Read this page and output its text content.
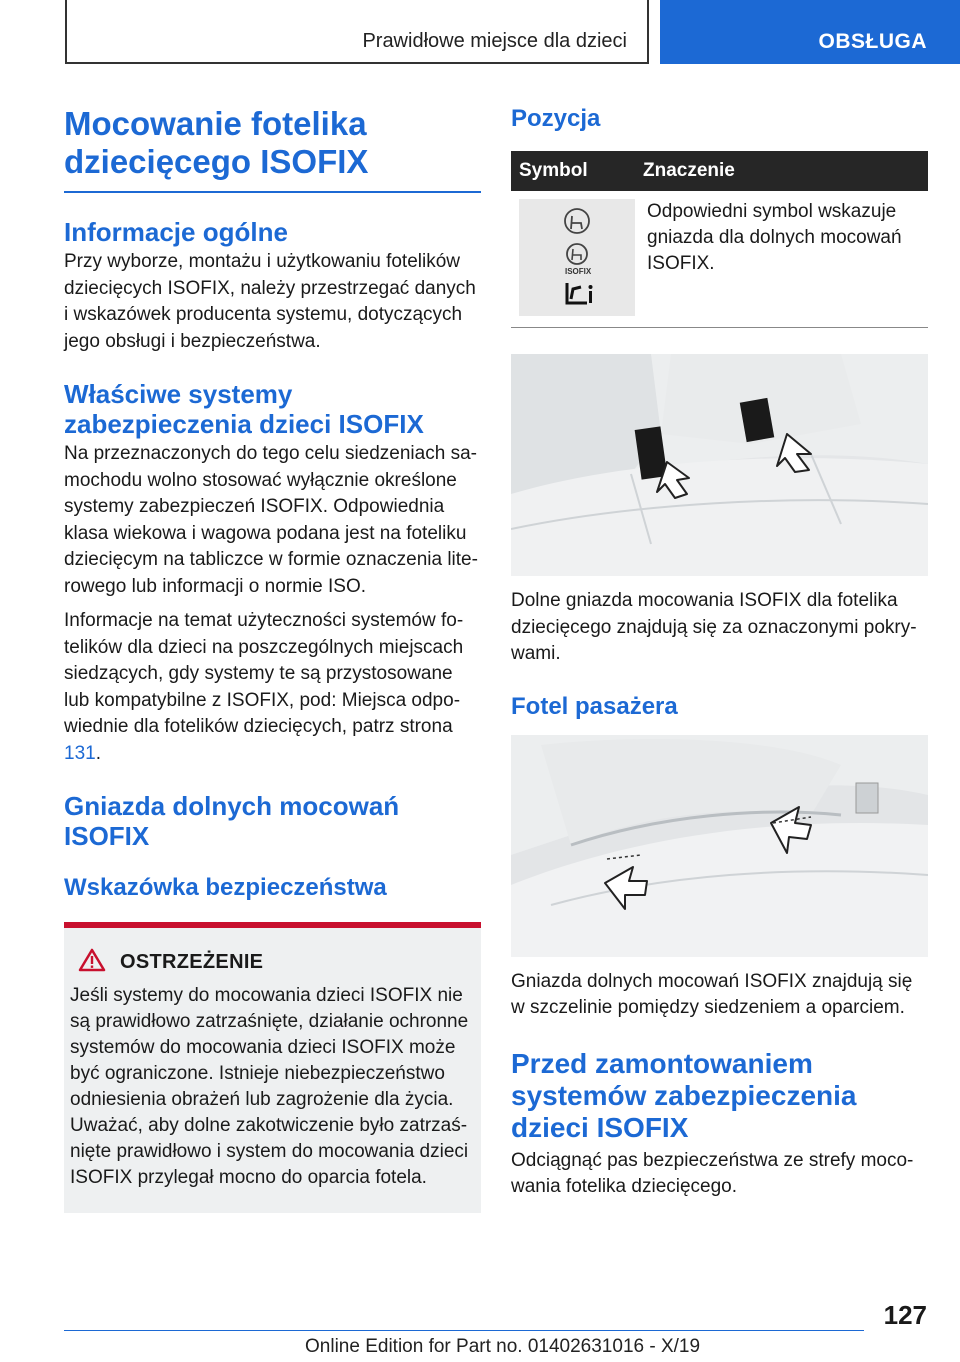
Prawidłowe miejsce dla dzieci	OBSŁUGA
Mocowanie fotelika dziecięcego ISOFIX
Informacje ogólne

Przy wyborze, montażu i użytkowaniu fotelików dziecięcych ISOFIX, należy przestrzegać danych i wskazówek producenta systemu, dotyczących jego obsługi i bezpieczeństwa.

Właściwe systemy zabezpieczenia dzieci ISOFIX

Na przeznaczonych do tego celu siedzeniach samochodu wolno stosować wyłącznie określone systemy zabezpieczeń ISOFIX. Odpowiednia klasa wiekowa i wagowa podana jest na foteliku dziecięcym na tabliczce w formie oznaczenia literowego lub informacji o normie ISO.

Informacje na temat użyteczności systemów fotelików dla dzieci na poszczególnych miejscach siedzących, gdy systemy te są przystosowane lub kompatybilne z ISOFIX, pod: Miejsca odpowiednie dla fotelików dziecięcych, patrz strona 131.

Gniazda dolnych mocowań ISOFIX
Wskazówka bezpieczeństwa
OSTRZEŻENIE

Jeśli systemy do mocowania dzieci ISOFIX nie są prawidłowo zatrzaśnięte, działanie ochronne systemów do mocowania dzieci ISOFIX może być ograniczone. Istnieje niebezpieczeństwo odniesienia obrażeń lub zagrożenie dla życia. Uważać, aby dolne zakotwiczenie było zatrzaśnięte prawidłowo i system do mocowania dzieci ISOFIX przylegał mocno do oparcia fotela.

Pozycja
Symbol	Znaczenie
ISOFIX
Odpowiedni symbol wskazuje gniazda dla dolnych mocowań ISOFIX.

Dolne gniazda mocowania ISOFIX dla fotelika dziecięcego znajdują się za oznaczonymi pokrywami.

Fotel pasażera

Gniazda dolnych mocowań ISOFIX znajdują się w szczelinie pomiędzy siedzeniem a oparciem.

Przed zamontowaniem systemów zabezpieczenia dzieci ISOFIX

Odciągnąć pas bezpieczeństwa ze strefy mocowania fotelika dziecięcego.

127
Online Edition for Part no. 01402631016 - X/19
